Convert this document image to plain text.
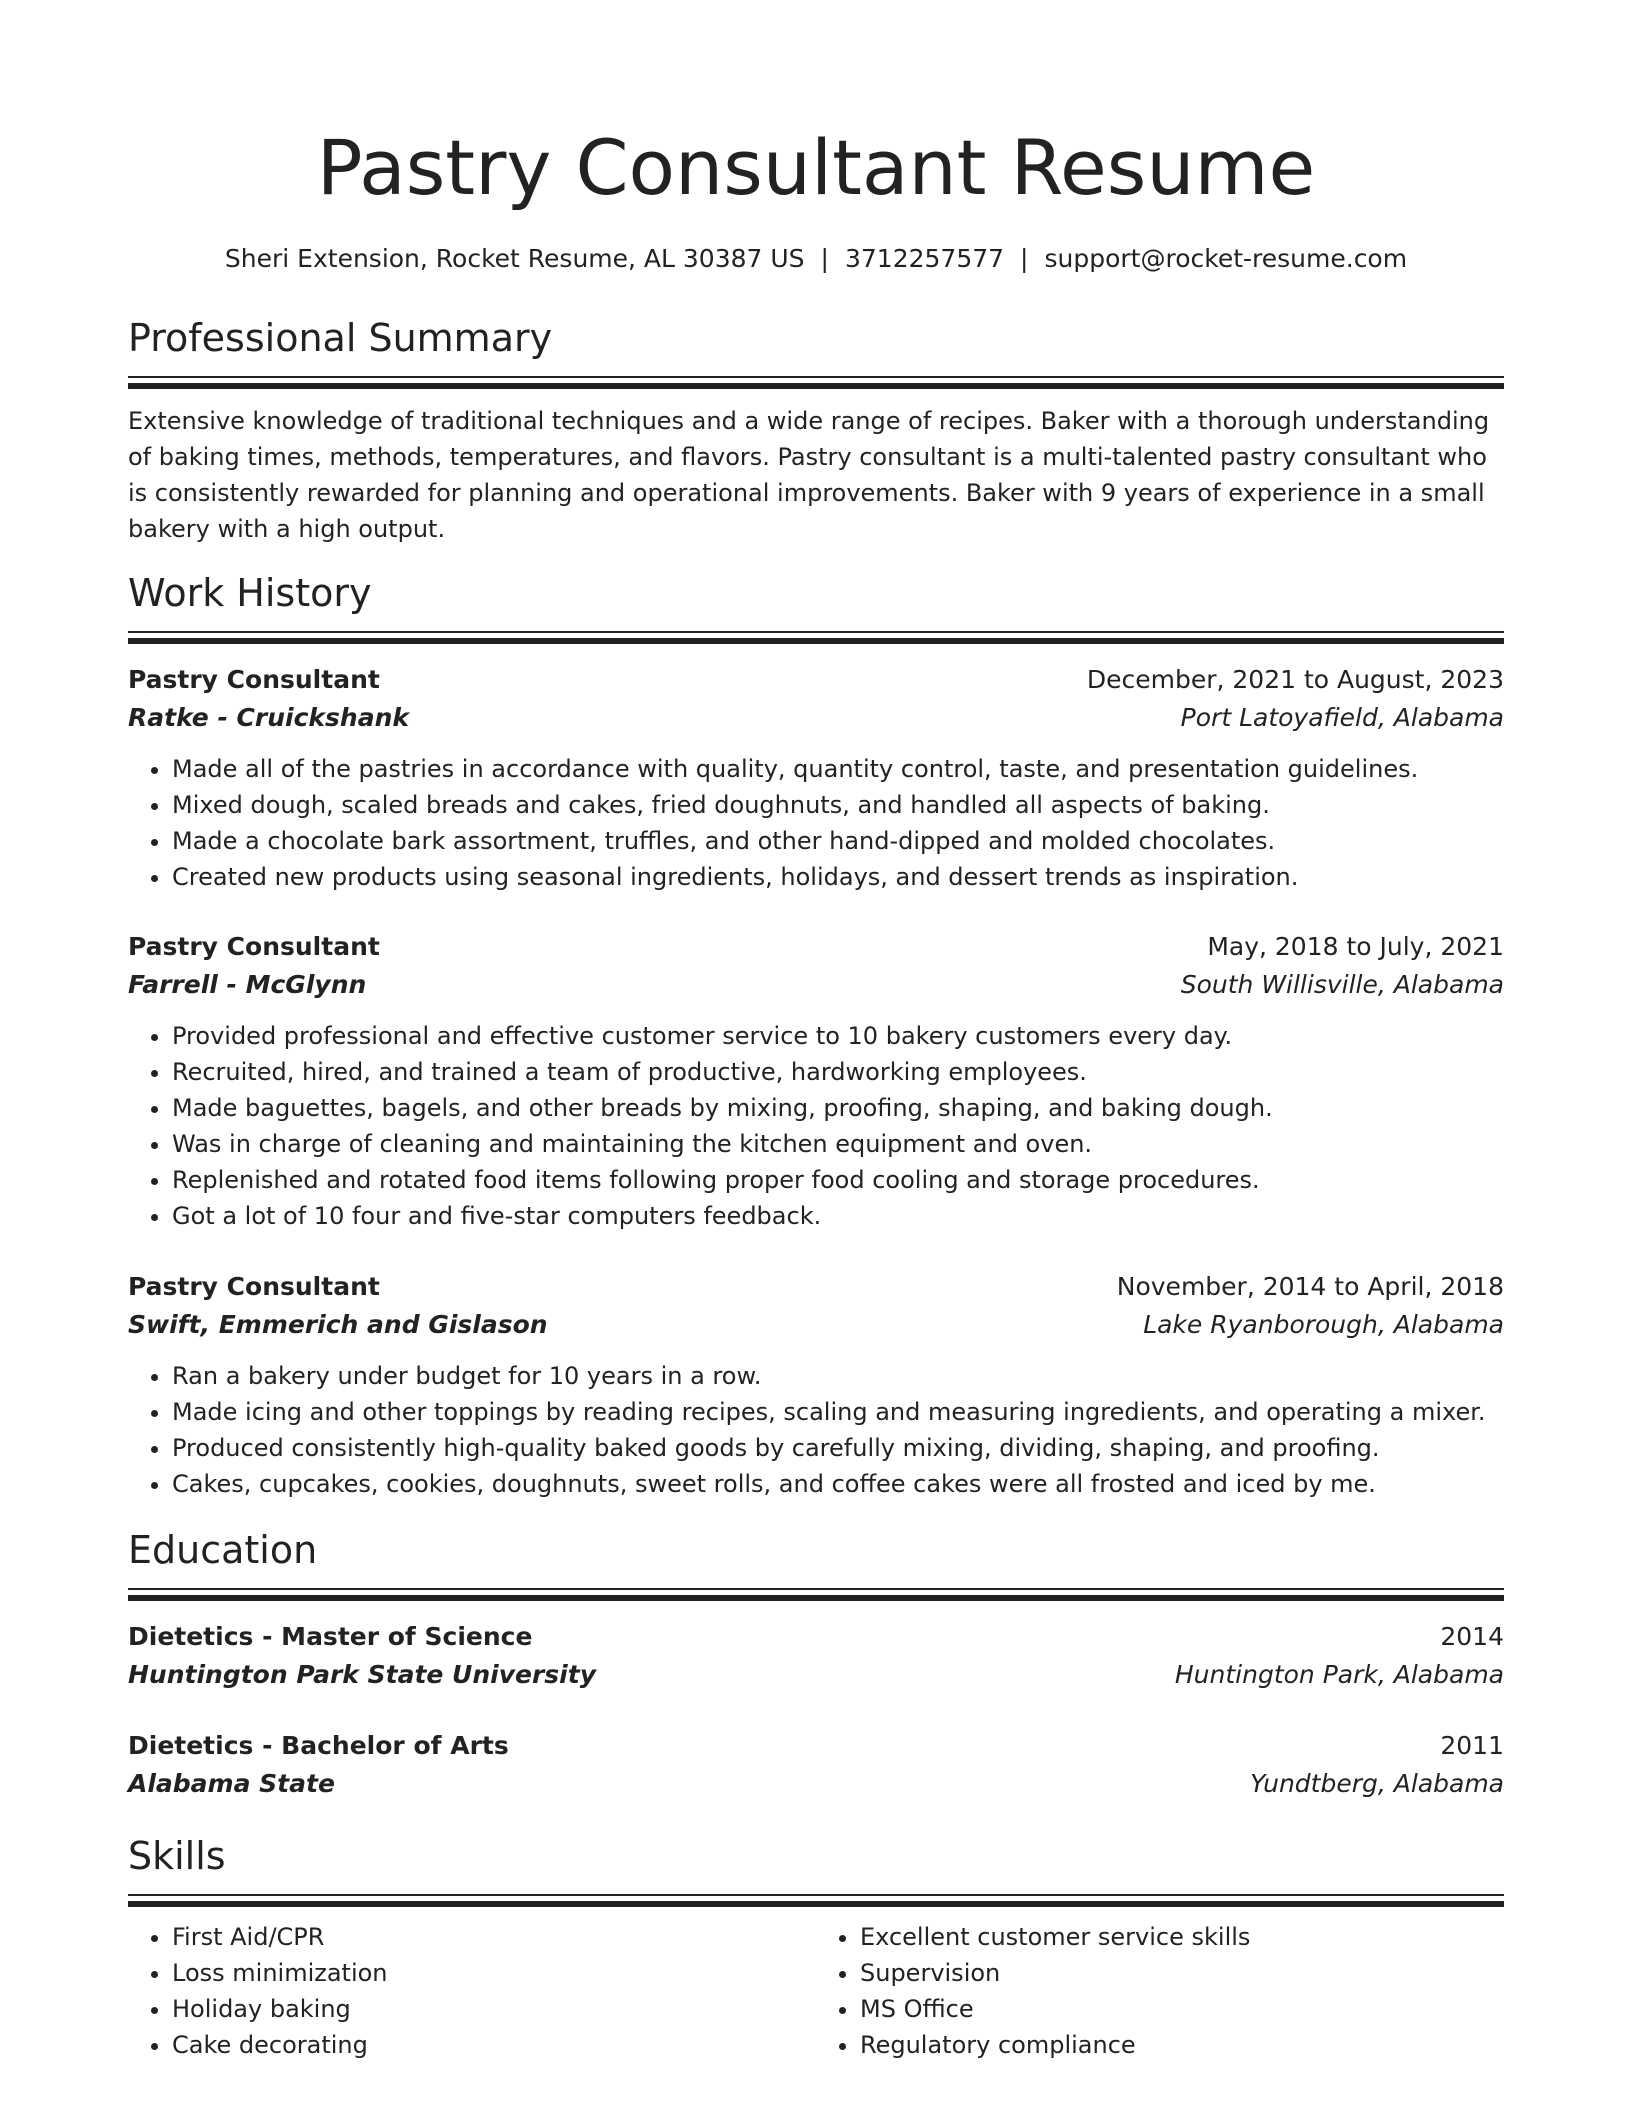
Pastry Consultant Resume
Sheri Extension, Rocket Resume, AL 30387 US | 3712257577 | support@rocket-resume.com
Professional Summary

Extensive knowledge of traditional techniques and a wide range of recipes. Baker with a thorough understanding of baking times, methods, temperatures, and flavors. Pastry consultant is a multi-talented pastry consultant who is consistently rewarded for planning and operational improvements. Baker with 9 years of experience in a small bakery with a high output.

Work History
Pastry Consultant	December, 2021 to August, 2023
Ratke - Cruickshank	Port Latoyafield, Alabama
• Made all of the pastries in accordance with quality, quantity control, taste, and presentation guidelines.
• Mixed dough, scaled breads and cakes, fried doughnuts, and handled all aspects of baking.
• Made a chocolate bark assortment, truffles, and other hand-dipped and molded chocolates.
• Created new products using seasonal ingredients, holidays, and dessert trends as inspiration.
Pastry Consultant	May, 2018 to July, 2021
Farrell - McGlynn	South Willisville, Alabama
• Provided professional and effective customer service to 10 bakery customers every day.
• Recruited, hired, and trained a team of productive, hardworking employees.
• Made baguettes, bagels, and other breads by mixing, proofing, shaping, and baking dough.
• Was in charge of cleaning and maintaining the kitchen equipment and oven.
• Replenished and rotated food items following proper food cooling and storage procedures.
• Got a lot of 10 four and five-star computers feedback.
Pastry Consultant	November, 2014 to April, 2018
Swift, Emmerich and Gislason	Lake Ryanborough, Alabama
• Ran a bakery under budget for 10 years in a row.
• Made icing and other toppings by reading recipes, scaling and measuring ingredients, and operating a mixer.
• Produced consistently high-quality baked goods by carefully mixing, dividing, shaping, and proofing.
• Cakes, cupcakes, cookies, doughnuts, sweet rolls, and coffee cakes were all frosted and iced by me.
Education
Dietetics - Master of Science	2014
Huntington Park State University	Huntington Park, Alabama
Dietetics - Bachelor of Arts	2011
Alabama State	Yundtberg, Alabama
Skills
• First Aid/CPR
• Loss minimization
• Holiday baking
• Cake decorating
• Excellent customer service skills
• Supervision
• MS Office
• Regulatory compliance
